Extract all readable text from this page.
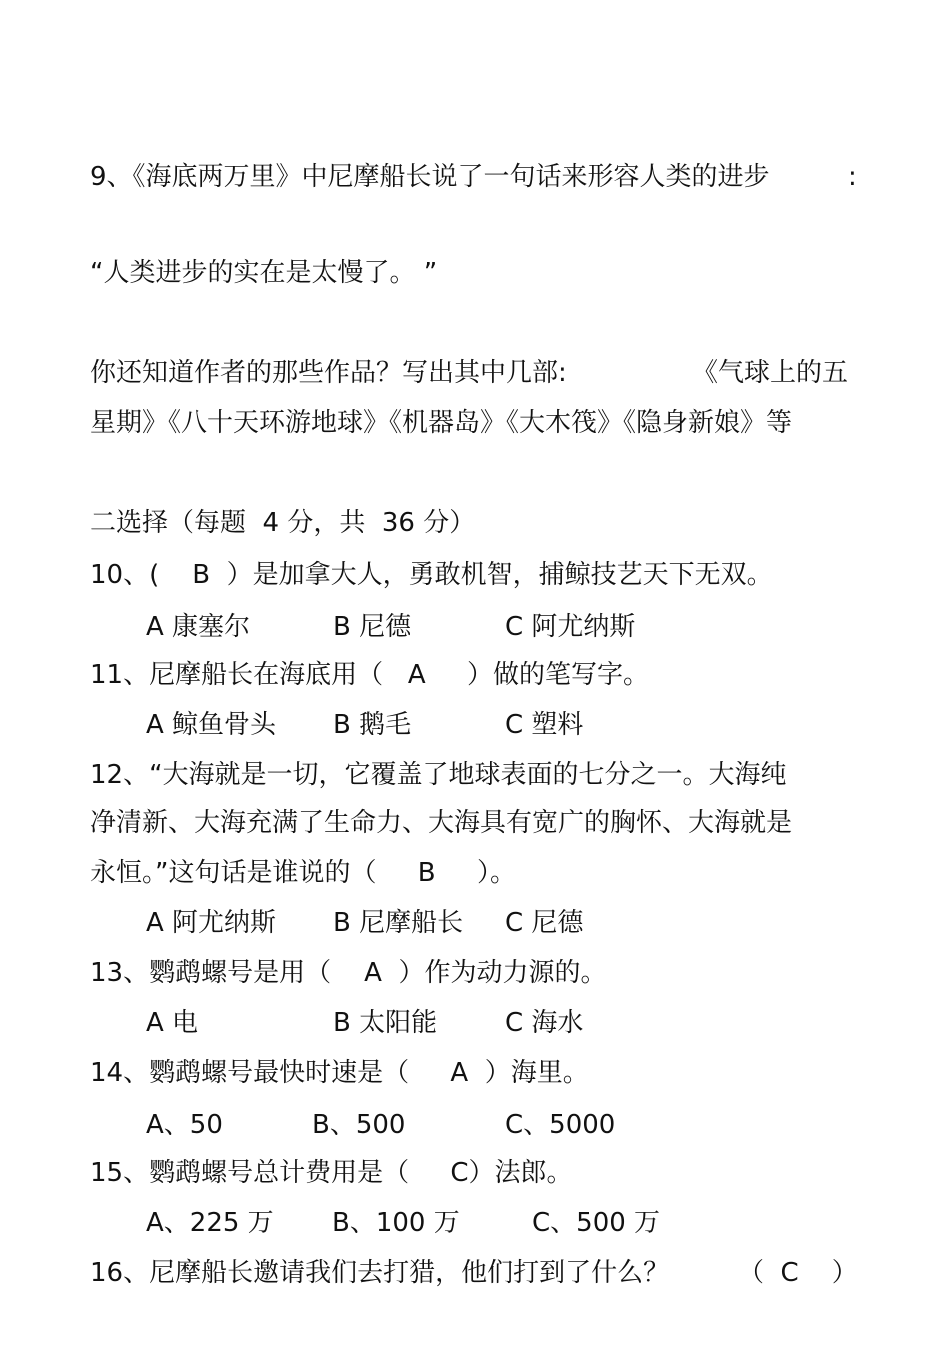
9、《海底两万里》中尼摩船长说了一句话来形容人类的进步	:
“人类进步的实在是太慢了。 ”
你还知道作者的那些作品？写出其中几部:	《气球上的五
星期》《八十天环游地球》《机器岛》《大木筏》《隐身新娘》等
二选择（每题  4 分，共  36 分）
10、(    B  ）是加拿大人，勇敢机智，捕鲸技艺天下无双。
A 康塞尔	B 尼德	C 阿尤纳斯
11、尼摩船长在海底用（   A     ）做的笔写字。
A 鲸鱼骨头 B 鹅毛	C 塑料
12、“大海就是一切，它覆盖了地球表面的七分之一。大海纯
净清新、大海充满了生命力、大海具有宽广的胸怀、大海就是
永恒。”这句话是谁说的（     B     ）。
A 阿尤纳斯 B 尼摩船长 C 尼德
13、鹦鹉螺号是用（    A  ）作为动力源的。
A 电	B 太阳能	C 海水
14、鹦鹉螺号最快时速是（     A  ）海里。
A、50	B、500	C、5000
15、鹦鹉螺号总计费用是（     C）法郎。
A、225 万 B、100 万	C、500 万
16、尼摩船长邀请我们去打猎，他们打到了什么？	（  C    ）
